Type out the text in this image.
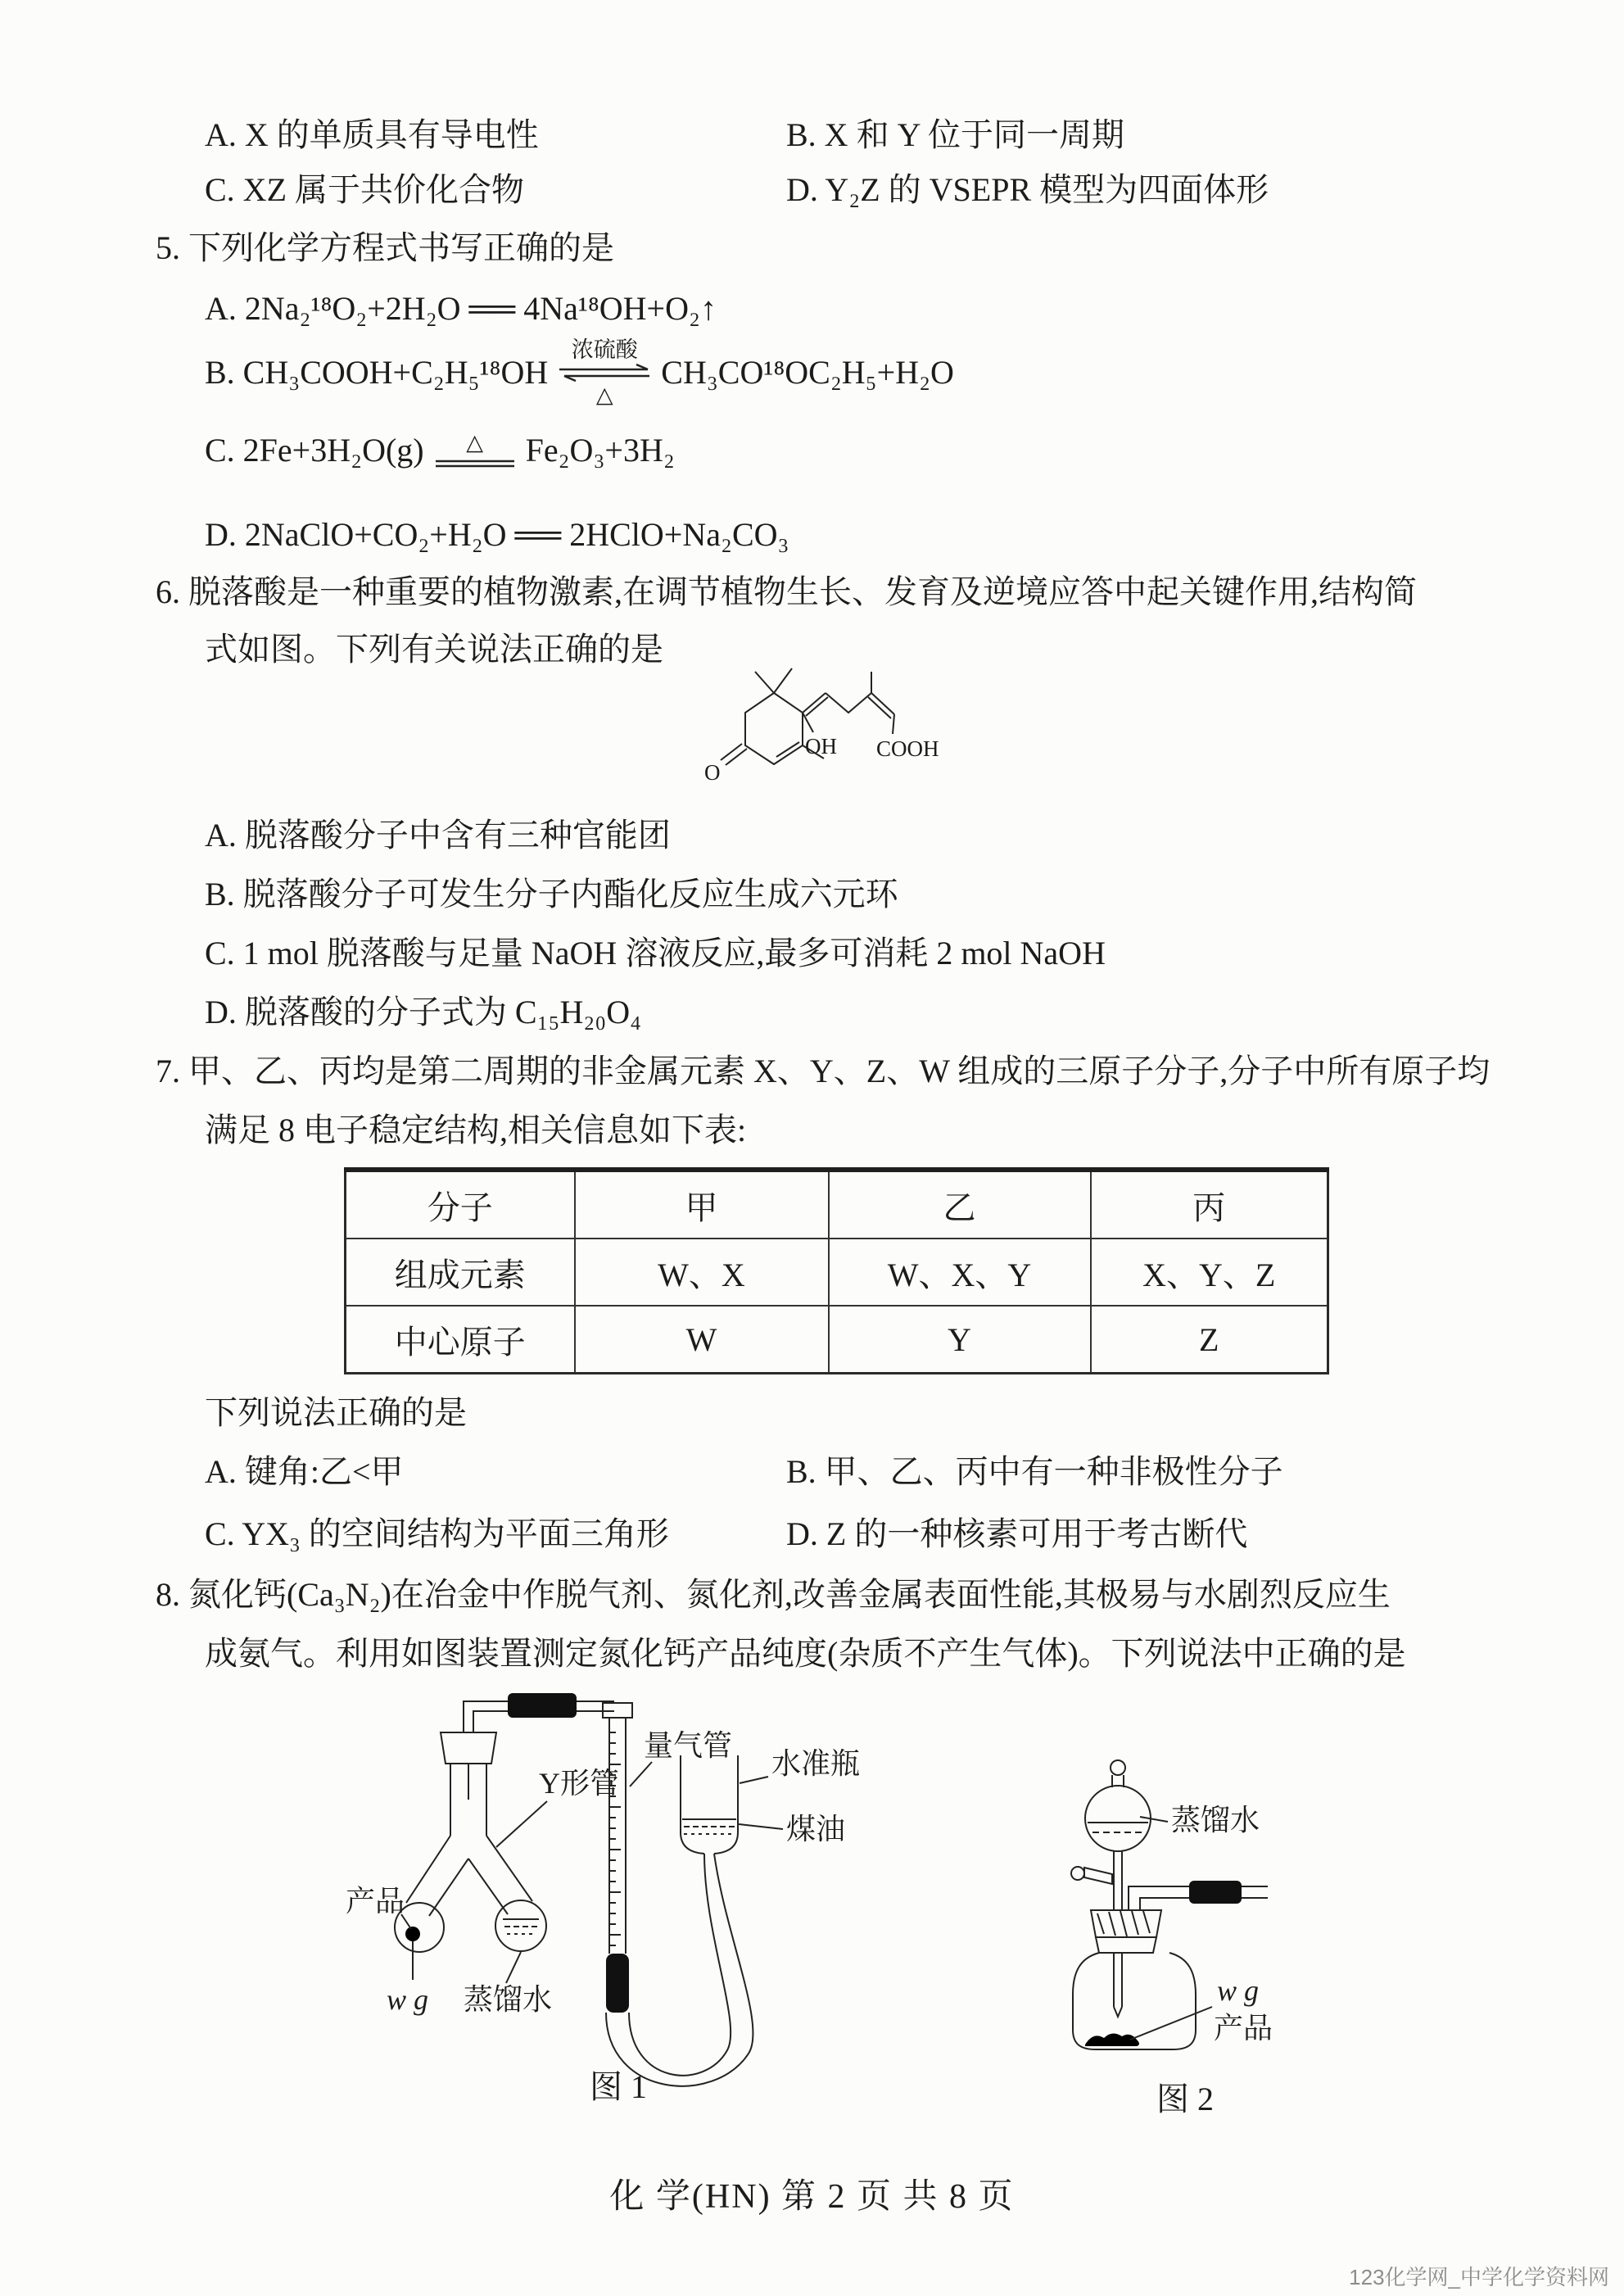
A. X 的单质具有导电性	B. X 和 Y 位于同一周期
C. XZ 属于共价化合物	D. Y₂Z 的 VSEPR 模型为四面体形
5. 下列化学方程式书写正确的是
A. 2Na₂¹⁸O₂+2H₂O ══ 4Na¹⁸OH+O₂↑
B. CH₃COOH+C₂H₅¹⁸OH
浓硫酸
△
CH₃CO¹⁸OC₂H₅+H₂O
C. 2Fe+3H₂O(g) △ Fe₂O₃+3H₂
D. 2NaClO+CO₂+H₂O ══ 2HClO+Na₂CO₃
6. 脱落酸是一种重要的植物激素,在调节植物生长、发育及逆境应答中起关键作用,结构简
式如图。下列有关说法正确的是
O
OH COOH
A. 脱落酸分子中含有三种官能团
B. 脱落酸分子可发生分子内酯化反应生成六元环
C. 1 mol 脱落酸与足量 NaOH 溶液反应,最多可消耗 2 mol NaOH
D. 脱落酸的分子式为 C₁₅H₂₀O₄
7. 甲、乙、丙均是第二周期的非金属元素 X、Y、Z、W 组成的三原子分子,分子中所有原子均
满足 8 电子稳定结构,相关信息如下表:
分子	甲	乙	丙
组成元素	W、X	W、X、Y	X、Y、Z
中心原子	W	Y	Z
下列说法正确的是
A. 键角:乙<甲	B. 甲、乙、丙中有一种非极性分子
C. YX₃ 的空间结构为平面三角形	D. Z 的一种核素可用于考古断代
8. 氮化钙(Ca₃N₂)在冶金中作脱气剂、氮化剂,改善金属表面性能,其极易与水剧烈反应生
成氨气。利用如图装置测定氮化钙产品纯度(杂质不产生气体)。下列说法中正确的是
Y形管
量气管
水准瓶
煤油
产品
w g 蒸馏水
图 1
蒸馏水
w g
产品
图 2
化 学(HN) 第 2 页 共 8 页
123化学网_中学化学资料网
